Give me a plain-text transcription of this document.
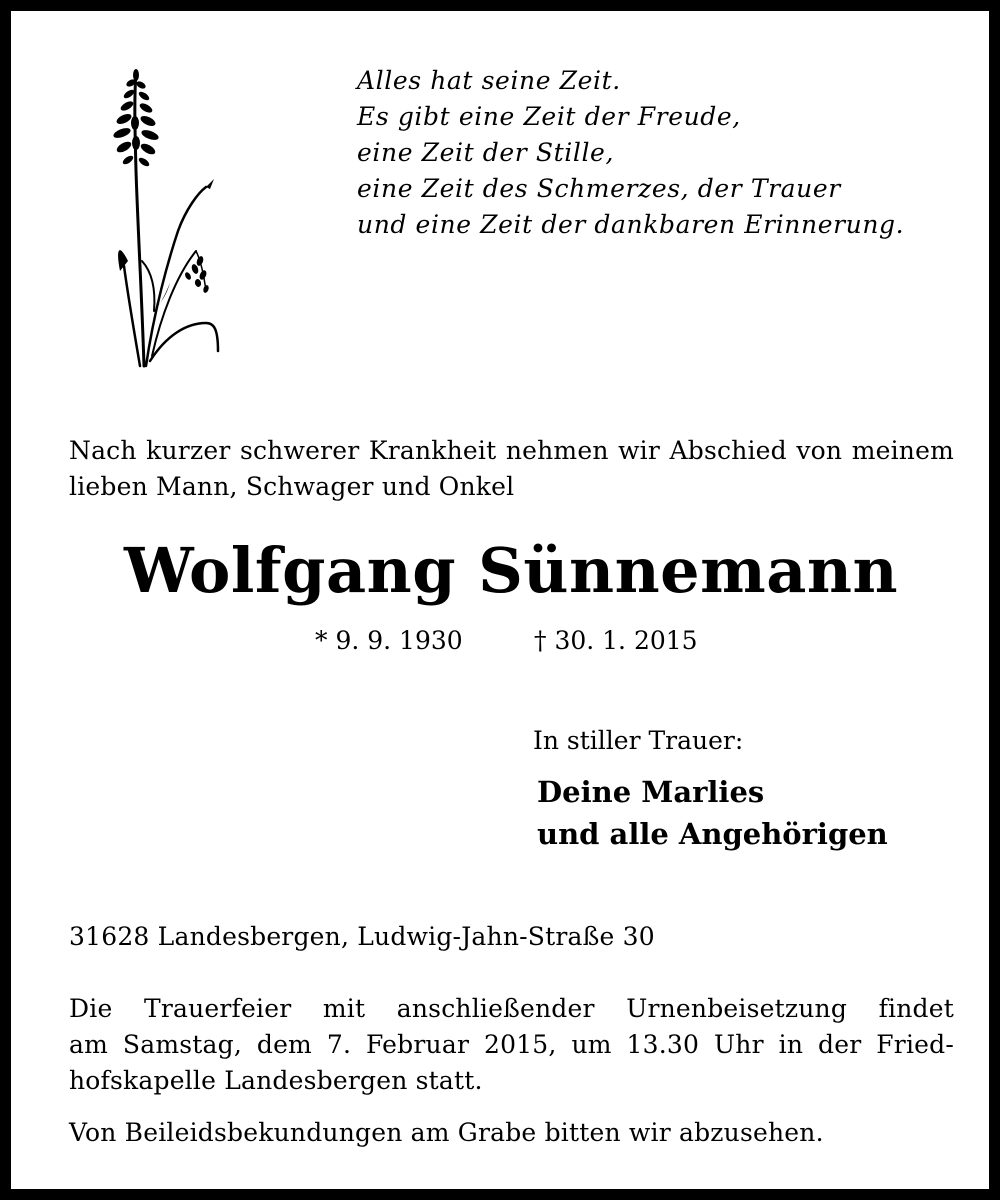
Alles hat seine Zeit.
Es gibt eine Zeit der Freude,
eine Zeit der Stille,
eine Zeit des Schmerzes, der Trauer
und eine Zeit der dankbaren Erinnerung.
Nach kurzer schwerer Krankheit nehmen wir Abschied von meinem lieben Mann, Schwager und Onkel
Wolfgang Sünnemann
* 9. 9. 1930	† 30. 1. 2015
In stiller Trauer:
Deine Marlies
und alle Angehörigen
31628 Landesbergen, Ludwig-Jahn-Straße 30
Die Trauerfeier mit anschließender Urnenbeisetzung findet
am Samstag, dem 7. Februar 2015, um 13.30 Uhr in der Fried-
hofskapelle Landesbergen statt.
Von Beileidsbekundungen am Grabe bitten wir abzusehen.
